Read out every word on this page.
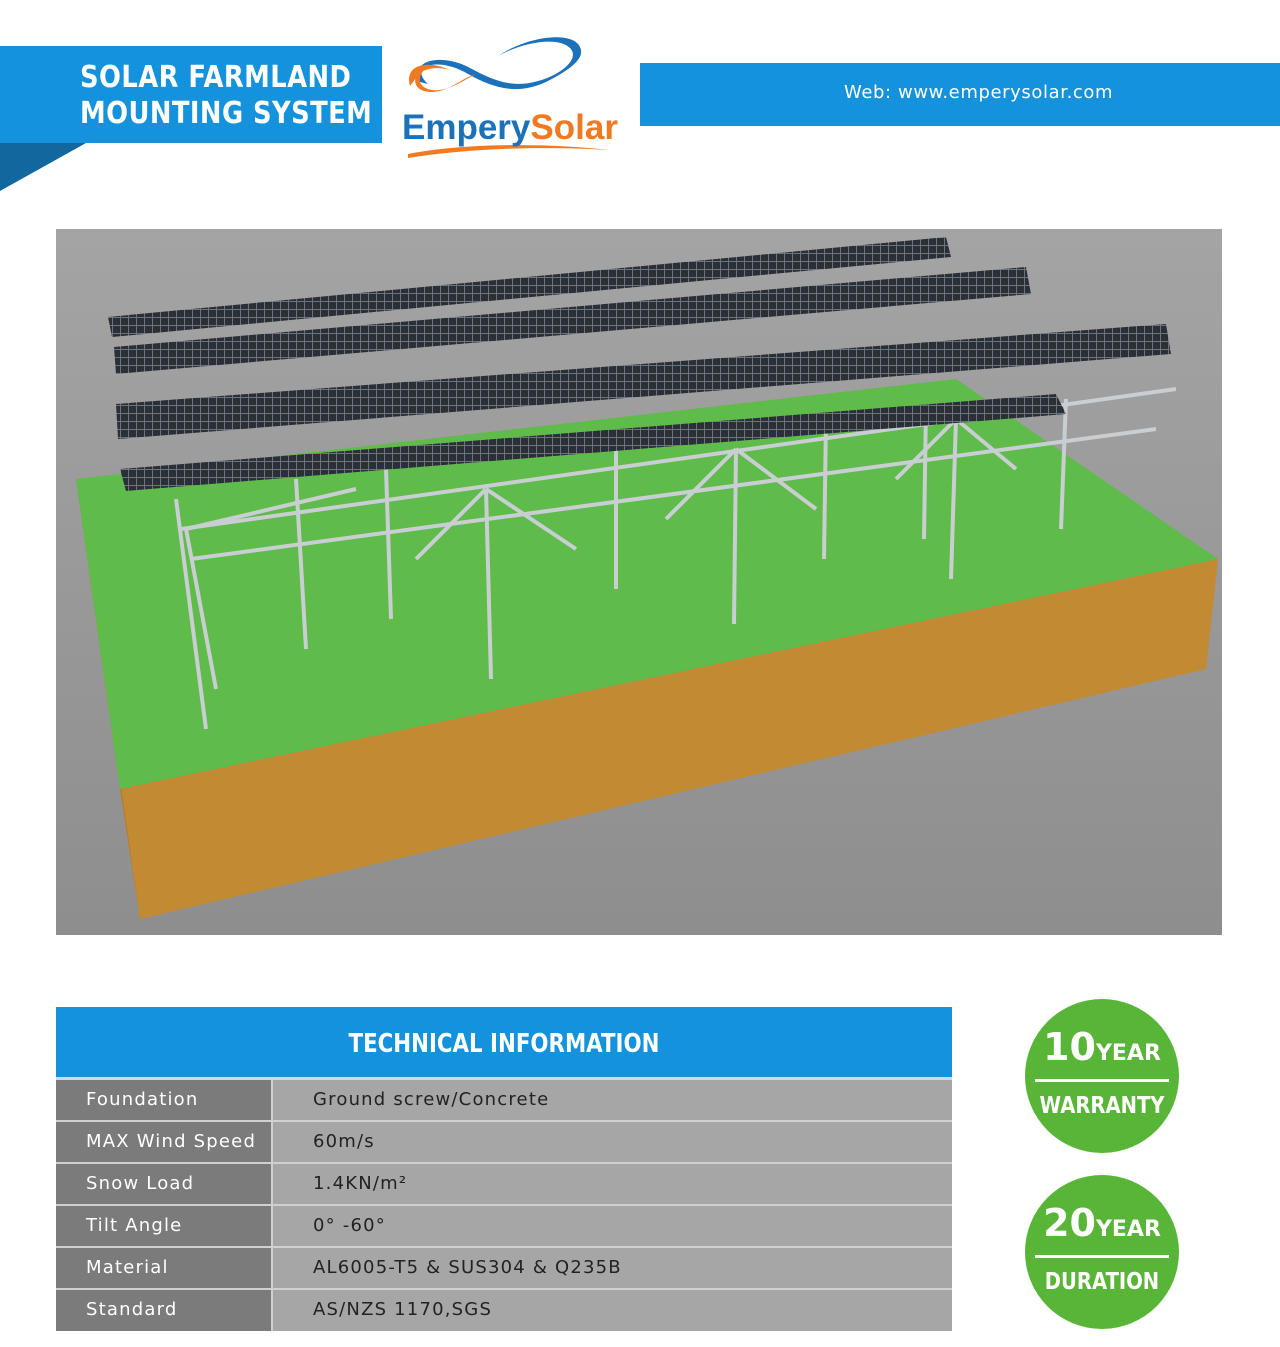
SOLAR FARMLAND
MOUNTING SYSTEM EmperySolar
Web: www.emperysolar.com
TECHNICAL INFORMATION
Foundation	Ground screw/Concrete
MAX Wind Speed	60m/s
Snow Load	1.4KN/m²
Tilt Angle	0° -60°
Material	AL6005-T5 & SUS304 & Q235B
Standard	AS/NZS 1170,SGS
10YEAR
WARRANTY
20YEAR
DURATION
